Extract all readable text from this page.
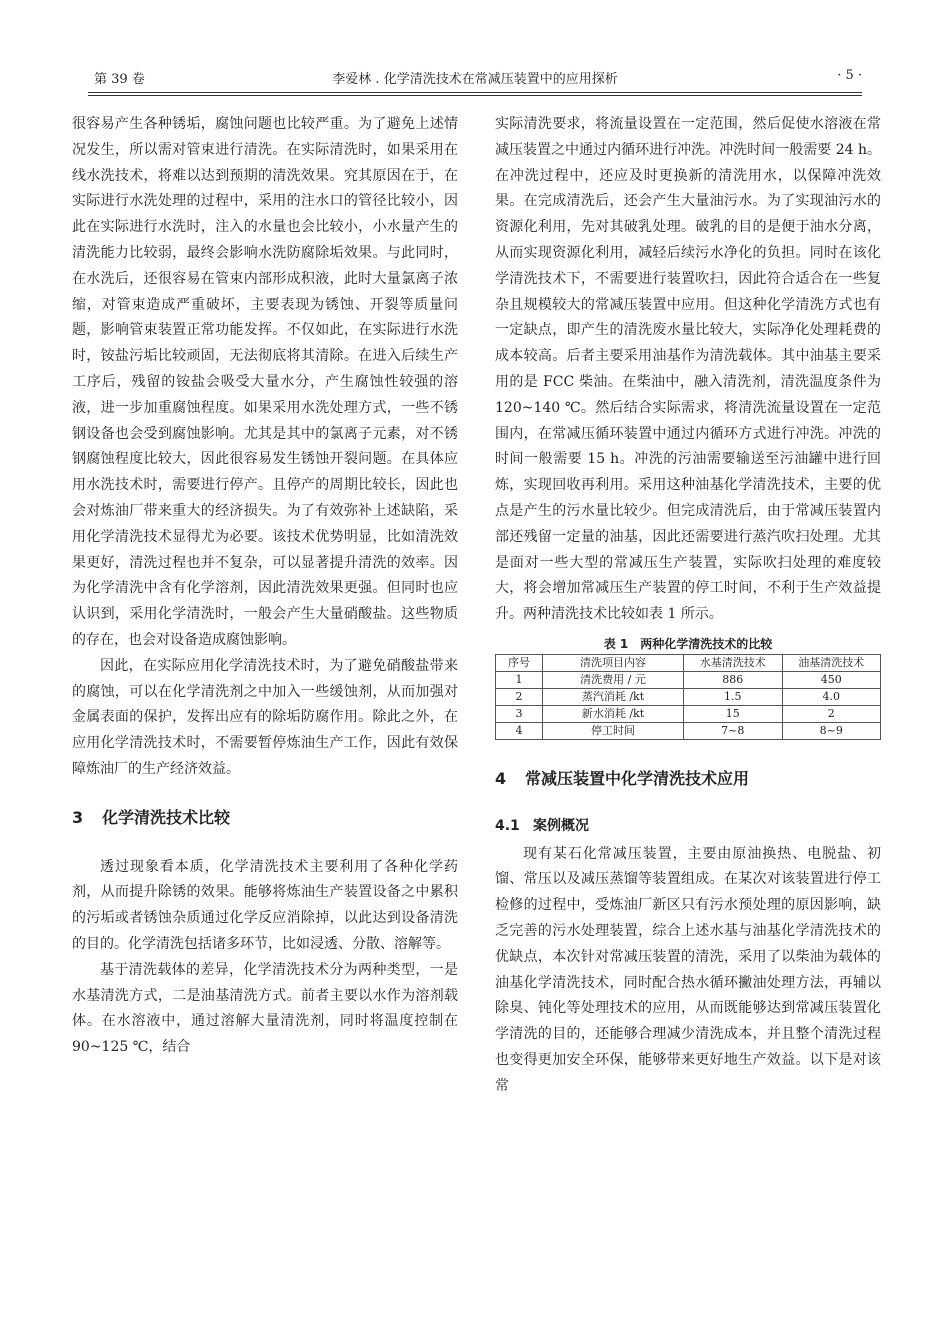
第 39 卷	李爱林 . 化学清洗技术在常减压装置中的应用探析	· 5 ·

很容易产生各种锈垢，腐蚀问题也比较严重。为了避免上述情况发生，所以需对管束进行清洗。在实际清洗时，如果采用在线水洗技术，将难以达到预期的清洗效果。究其原因在于，在实际进行水洗处理的过程中，采用的注水口的管径比较小，因此在实际进行水洗时，注入的水量也会比较小，小水量产生的清洗能力比较弱，最终会影响水洗防腐除垢效果。与此同时，在水洗后，还很容易在管束内部形成积液，此时大量氯离子浓缩，对管束造成严重破坏，主要表现为锈蚀、开裂等质量问题，影响管束装置正常功能发挥。不仅如此，在实际进行水洗时，铵盐污垢比较顽固，无法彻底将其清除。在进入后续生产工序后，残留的铵盐会吸受大量水分，产生腐蚀性较强的溶液，进一步加重腐蚀程度。如果采用水洗处理方式，一些不锈钢设备也会受到腐蚀影响。尤其是其中的氯离子元素，对不锈钢腐蚀程度比较大，因此很容易发生锈蚀开裂问题。在具体应用水洗技术时，需要进行停产。且停产的周期比较长，因此也会对炼油厂带来重大的经济损失。为了有效弥补上述缺陷，采用化学清洗技术显得尤为必要。该技术优势明显，比如清洗效果更好，清洗过程也并不复杂，可以显著提升清洗的效率。因为化学清洗中含有化学溶剂，因此清洗效果更强。但同时也应认识到，采用化学清洗时，一般会产生大量硝酸盐。这些物质的存在，也会对设备造成腐蚀影响。

因此，在实际应用化学清洗技术时，为了避免硝酸盐带来的腐蚀，可以在化学清洗剂之中加入一些缓蚀剂，从而加强对金属表面的保护，发挥出应有的除垢防腐作用。除此之外，在应用化学清洗技术时，不需要暂停炼油生产工作，因此有效保障炼油厂的生产经济效益。

3 化学清洗技术比较

透过现象看本质，化学清洗技术主要利用了各种化学药剂，从而提升除锈的效果。能够将炼油生产装置设备之中累积的污垢或者锈蚀杂质通过化学反应消除掉，以此达到设备清洗的目的。化学清洗包括诸多环节，比如浸透、分散、溶解等。

基于清洗载体的差异，化学清洗技术分为两种类型，一是水基清洗方式，二是油基清洗方式。前者主要以水作为溶剂载体。在水溶液中，通过溶解大量清洗剂，同时将温度控制在 90~125 ℃，结合

实际清洗要求，将流量设置在一定范围，然后促使水溶液在常减压装置之中通过内循环进行冲洗。冲洗时间一般需要 24 h。在冲洗过程中，还应及时更换新的清洗用水，以保障冲洗效果。在完成清洗后，还会产生大量油污水。为了实现油污水的资源化利用，先对其破乳处理。破乳的目的是便于油水分离，从而实现资源化利用，减轻后续污水净化的负担。同时在该化学清洗技术下，不需要进行装置吹扫，因此符合适合在一些复杂且规模较大的常减压装置中应用。但这种化学清洗方式也有一定缺点，即产生的清洗废水量比较大，实际净化处理耗费的成本较高。后者主要采用油基作为清洗载体。其中油基主要采用的是 FCC 柴油。在柴油中，融入清洗剂，清洗温度条件为 120~140 ℃。然后结合实际需求，将清洗流量设置在一定范围内，在常减压循环装置中通过内循环方式进行冲洗。冲洗的时间一般需要 15 h。冲洗的污油需要输送至污油罐中进行回炼，实现回收再利用。采用这种油基化学清洗技术，主要的优点是产生的污水量比较少。但完成清洗后，由于常减压装置内部还残留一定量的油基，因此还需要进行蒸汽吹扫处理。尤其是面对一些大型的常减压生产装置，实际吹扫处理的难度较大，将会增加常减压生产装置的停工时间，不利于生产效益提升。两种清洗技术比较如表 1 所示。

表 1　两种化学清洗技术的比较
序号	清洗项目内容	水基清洗技术	油基清洗技术
1	清洗费用 / 元	886	450
2	蒸汽消耗 /kt	1.5	4.0
3	新水消耗 /kt	15	2
4	停工时间	7~8	8~9
4 常减压装置中化学清洗技术应用
4.1 案例概况

现有某石化常减压装置，主要由原油换热、电脱盐、初馏、常压以及减压蒸馏等装置组成。在某次对该装置进行停工检修的过程中，受炼油厂新区只有污水预处理的原因影响，缺乏完善的污水处理装置，综合上述水基与油基化学清洗技术的优缺点，本次针对常减压装置的清洗，采用了以柴油为载体的油基化学清洗技术，同时配合热水循环撇油处理方法，再辅以除臭、钝化等处理技术的应用，从而既能够达到常减压装置化学清洗的目的，还能够合理减少清洗成本，并且整个清洗过程也变得更加安全环保，能够带来更好地生产效益。以下是对该常
